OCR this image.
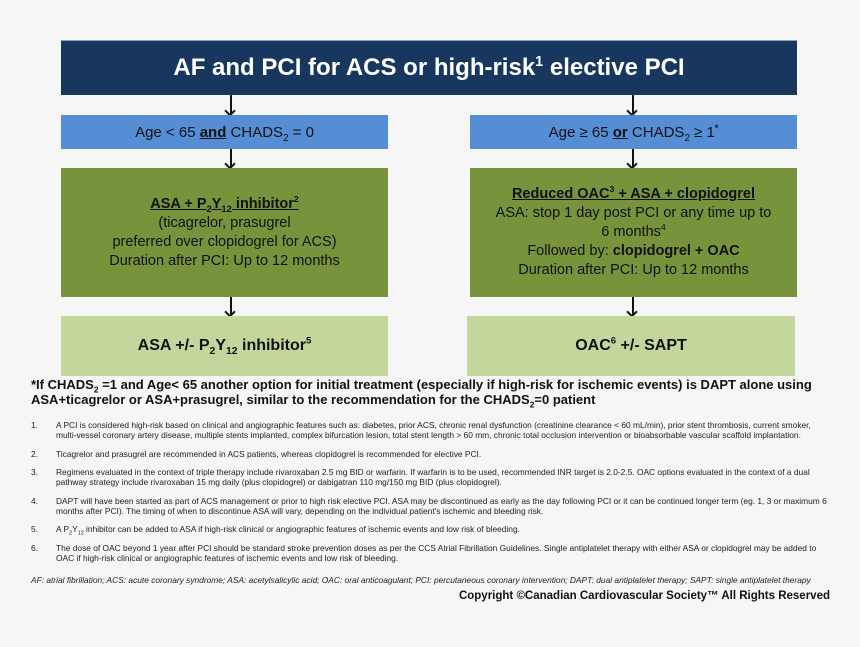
AF and PCI for ACS or high-risk$^1$ elective PCI
Age < 65 and $CHADS_2 = 0$	Age ≥ 65 or $CHADS_2 \ge 1^*$
ASA + $P_2Y_{12}$ inhibitor$^2$
(ticagrelor, prasugrel
preferred over clopidogrel for ACS)
Duration after PCI: Up to 12 months
Reduced $OAC^3$ + ASA + clopidogrel
ASA: stop 1 day post PCI or any time up to
6 months$^4$
Followed by: clopidogrel + OAC
Duration after PCI: Up to 12 months
ASA +/- $P_2Y_{12}$ inhibitor$^5$	$OAC^6$ +/- SAPT
*If $CHADS_2 =1$ and Age< 65 another option for initial treatment (especially if high-risk for ischemic events) is DAPT alone using ASA+ticagrelor or ASA+prasugrel, similar to the recommendation for the $CHADS_2=0$ patient
1.	A PCI is considered high-risk based on clinical and angiographic features such as: diabetes, prior ACS, chronic renal dysfunction (creatinine clearance < 60 mL/min), prior stent thrombosis, current smoker, multi-vessel coronary artery disease, multiple stents implanted, complex bifurcation lesion, total stent length > 60 mm, chronic total occlusion intervention or bioabsorbable vascular scaffold implantation.
2.	Ticagrelor and prasugrel are recommended in ACS patients, whereas clopidogrel is recommended for elective PCI.
3.	Regimens evaluated in the context of triple therapy include rivaroxaban 2.5 mg BID or warfarin. If warfarin is to be used, recommended INR target is 2.0-2.5. OAC options evaluated in the context of a dual pathway strategy include rivaroxaban 15 mg daily (plus clopidogrel) or dabigatran 110 mg/150 mg BID (plus clopidogrel).
4.	DAPT will have been started as part of ACS management or prior to high risk elective PCI. ASA may be discontinued as early as the day following PCI or it can be continued longer term (eg. 1, 3 or maximum 6 months after PCI). The timing of when to discontinue ASA will vary, depending on the individual patient's ischemic and bleeding risk.
5.	A $P_2Y_{12}$ inhibitor can be added to ASA if high-risk clinical or angiographic features of ischemic events and low risk of bleeding.
6.	The dose of OAC beyond 1 year after PCI should be standard stroke prevention doses as per the CCS Atrial Fibrillation Guidelines. Single antiplatelet therapy with either ASA or clopidogrel may be added to OAC if high-risk clinical or angiographic features of ischemic events and low risk of bleeding.
AF: atrial fibrillation; ACS: acute coronary syndrome; ASA: acetylsalicylic acid; OAC: oral anticoagulant; PCI: percutaneous coronary intervention; DAPT: dual antiplatelet therapy; SAPT: single antiplatelet therapy
Copyright ©Canadian Cardiovascular Society™ All Rights Reserved
